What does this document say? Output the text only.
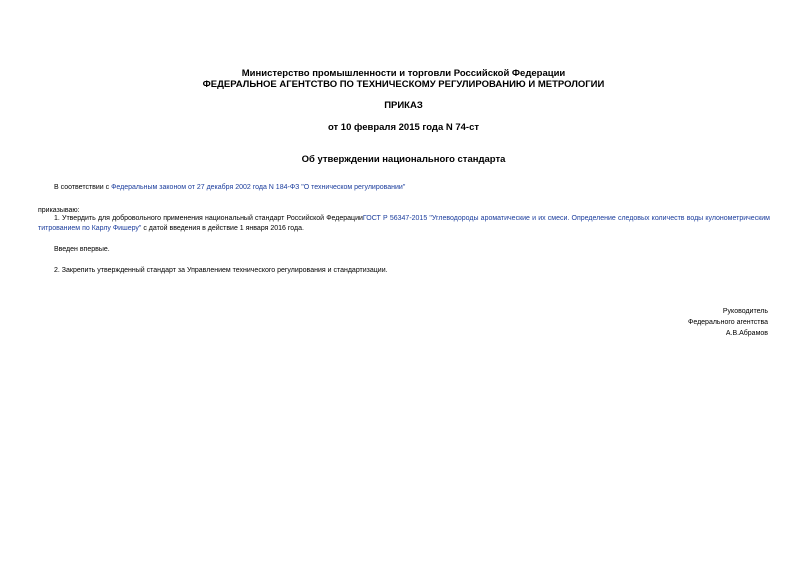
Министерство промышленности и торговли Российской Федерации
ФЕДЕРАЛЬНОЕ АГЕНТСТВО ПО ТЕХНИЧЕСКОМУ РЕГУЛИРОВАНИЮ И МЕТРОЛОГИИ
ПРИКАЗ
от 10 февраля 2015 года N 74-ст
Об утверждении национального стандарта
В соответствии с Федеральным законом от 27 декабря 2002 года N 184-ФЗ "О техническом регулировании"
приказываю:
1. Утвердить для добровольного применения национальный стандарт Российской ФедерацииГОСТ Р 56347-2015 "Углеводороды ароматические и их смеси. Определение следовых количеств воды кулонометрическим титрованием по Карлу Фишеру" с датой введения в действие 1 января 2016 года.
Введен впервые.
2. Закрепить утвержденный стандарт за Управлением технического регулирования и стандартизации.
Руководитель
Федерального агентства
А.В.Абрамов
